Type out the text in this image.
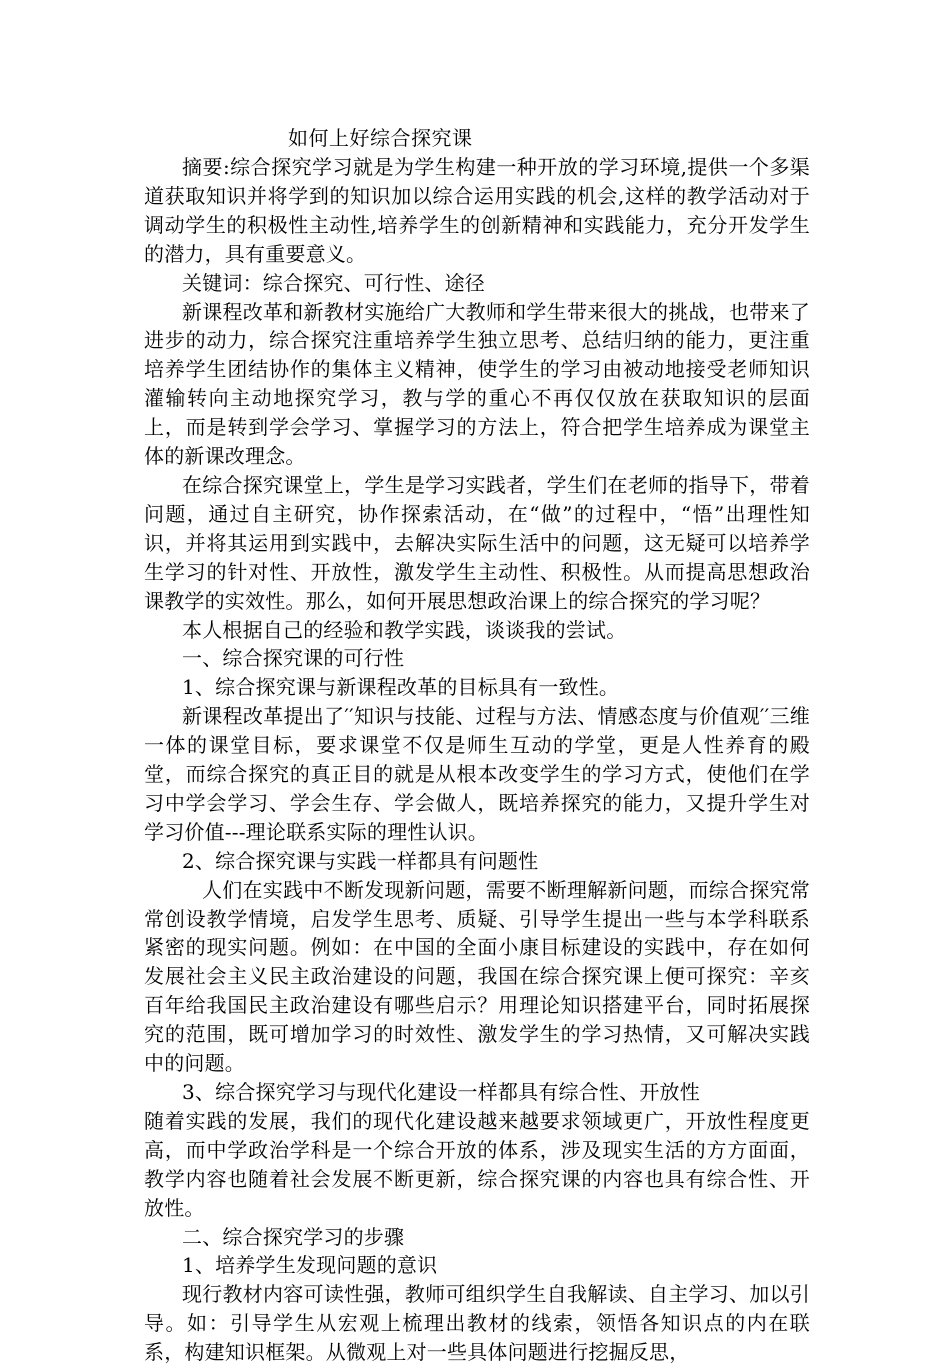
如何上好综合探究课

摘要:综合探究学习就是为学生构建一种开放的学习环境,提供一个多渠道获取知识并将学到的知识加以综合运用实践的机会,这样的教学活动对于调动学生的积极性主动性,培养学生的创新精神和实践能力，充分开发学生的潜力，具有重要意义。

关键词：综合探究、可行性、途径

新课程改革和新教材实施给广大教师和学生带来很大的挑战，也带来了进步的动力，综合探究注重培养学生独立思考、总结归纳的能力，更注重培养学生团结协作的集体主义精神，使学生的学习由被动地接受老师知识灌输转向主动地探究学习，教与学的重心不再仅仅放在获取知识的层面上，而是转到学会学习、掌握学习的方法上，符合把学生培养成为课堂主体的新课改理念。

在综合探究课堂上，学生是学习实践者，学生们在老师的指导下，带着问题，通过自主研究，协作探索活动，在“做”的过程中，“悟”出理性知识，并将其运用到实践中，去解决实际生活中的问题，这无疑可以培养学生学习的针对性、开放性，激发学生主动性、积极性。从而提高思想政治课教学的实效性。那么，如何开展思想政治课上的综合探究的学习呢？

本人根据自己的经验和教学实践，谈谈我的尝试。

一、综合探究课的可行性

1、综合探究课与新课程改革的目标具有一致性。

新课程改革提出了′′知识与技能、过程与方法、情感态度与价值观′′三维一体的课堂目标，要求课堂不仅是师生互动的学堂，更是人性养育的殿堂，而综合探究的真正目的就是从根本改变学生的学习方式，使他们在学习中学会学习、学会生存、学会做人，既培养探究的能力，又提升学生对学习价值---理论联系实际的理性认识。

2、综合探究课与实践一样都具有问题性

人们在实践中不断发现新问题，需要不断理解新问题，而综合探究常常创设教学情境，启发学生思考、质疑、引导学生提出一些与本学科联系紧密的现实问题。例如：在中国的全面小康目标建设的实践中，存在如何发展社会主义民主政治建设的问题，我国在综合探究课上便可探究：辛亥百年给我国民主政治建设有哪些启示？用理论知识搭建平台，同时拓展探究的范围，既可增加学习的时效性、激发学生的学习热情，又可解决实践中的问题。

3、综合探究学习与现代化建设一样都具有综合性、开放性

随着实践的发展，我们的现代化建设越来越要求领域更广，开放性程度更高，而中学政治学科是一个综合开放的体系，涉及现实生活的方方面面，教学内容也随着社会发展不断更新，综合探究课的内容也具有综合性、开放性。

二、综合探究学习的步骤

1、培养学生发现问题的意识

现行教材内容可读性强，教师可组织学生自我解读、自主学习、加以引导。如：引导学生从宏观上梳理出教材的线索，领悟各知识点的内在联系，构建知识框架。从微观上对一些具体问题进行挖掘反思，
